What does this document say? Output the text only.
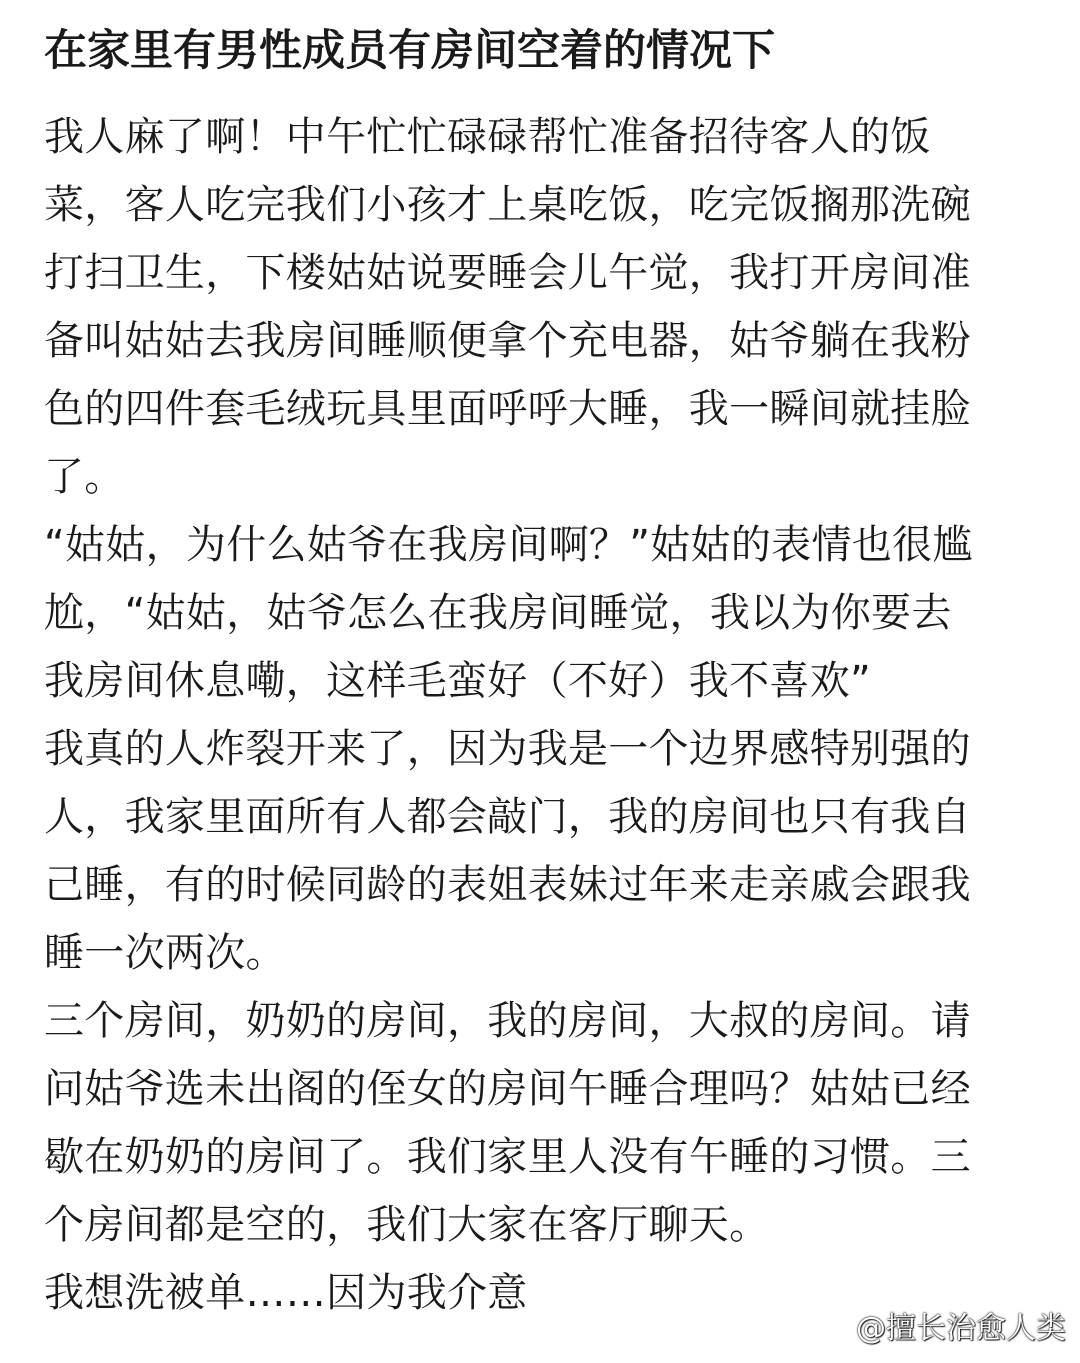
在家里有男性成员有房间空着的情况下
我人麻了啊！中午忙忙碌碌帮忙准备招待客人的饭
菜，客人吃完我们小孩才上桌吃饭，吃完饭搁那洗碗
打扫卫生，下楼姑姑说要睡会儿午觉，我打开房间准
备叫姑姑去我房间睡顺便拿个充电器，姑爷躺在我粉
色的四件套毛绒玩具里面呼呼大睡，我一瞬间就挂脸
了。
“姑姑，为什么姑爷在我房间啊？”姑姑的表情也很尴
尬，“姑姑，姑爷怎么在我房间睡觉，我以为你要去
我房间休息嘞，这样毛蛮好（不好）我不喜欢”
我真的人炸裂开来了，因为我是一个边界感特别强的
人，我家里面所有人都会敲门，我的房间也只有我自
己睡，有的时候同龄的表姐表妹过年来走亲戚会跟我
睡一次两次。
三个房间，奶奶的房间，我的房间，大叔的房间。请
问姑爷选未出阁的侄女的房间午睡合理吗？姑姑已经
歇在奶奶的房间了。我们家里人没有午睡的习惯。三
个房间都是空的，我们大家在客厅聊天。
我想洗被单……因为我介意
@擅长治愈人类
